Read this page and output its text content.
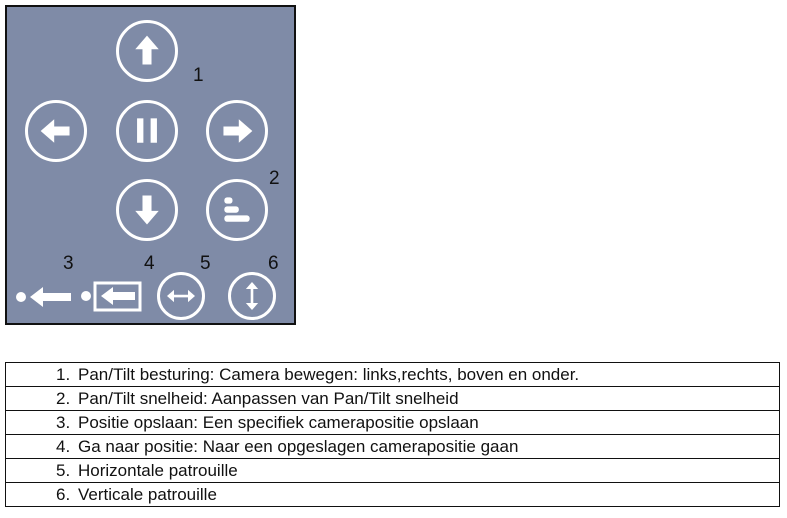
1
2
3	4 5	6
1. Pan/Tilt besturing: Camera bewegen: links,rechts, boven en onder.
2. Pan/Tilt snelheid: Aanpassen van Pan/Tilt snelheid
3. Positie opslaan: Een specifiek camerapositie opslaan
4. Ga naar positie: Naar een opgeslagen camerapositie gaan
5. Horizontale patrouille
6. Verticale patrouille
